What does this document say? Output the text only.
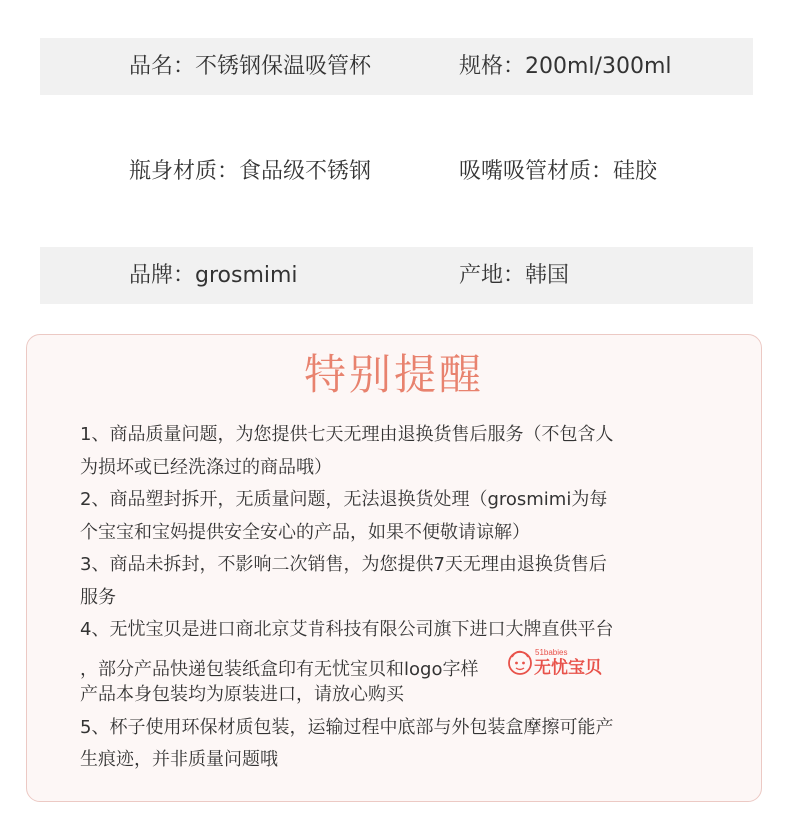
品名：不锈钢保温吸管杯	规格：200ml/300ml
瓶身材质：食品级不锈钢	吸嘴吸管材质：硅胶
品牌：grosmimi	产地：韩国
特别提醒
1、商品质量问题，为您提供七天无理由退换货售后服务（不包含人
为损坏或已经洗涤过的商品哦）
2、商品塑封拆开，无质量问题，无法退换货处理（grosmimi为每
个宝宝和宝妈提供安全安心的产品，如果不便敬请谅解）
3、商品未拆封，不影响二次销售，为您提供7天无理由退换货售后
服务
4、无忧宝贝是进口商北京艾肯科技有限公司旗下进口大牌直供平台
，部分产品快递包装纸盒印有无忧宝贝和logo字样
51babies
无忧宝贝
产品本身包装均为原装进口，请放心购买
5、杯子使用环保材质包装，运输过程中底部与外包装盒摩擦可能产
生痕迹，并非质量问题哦
